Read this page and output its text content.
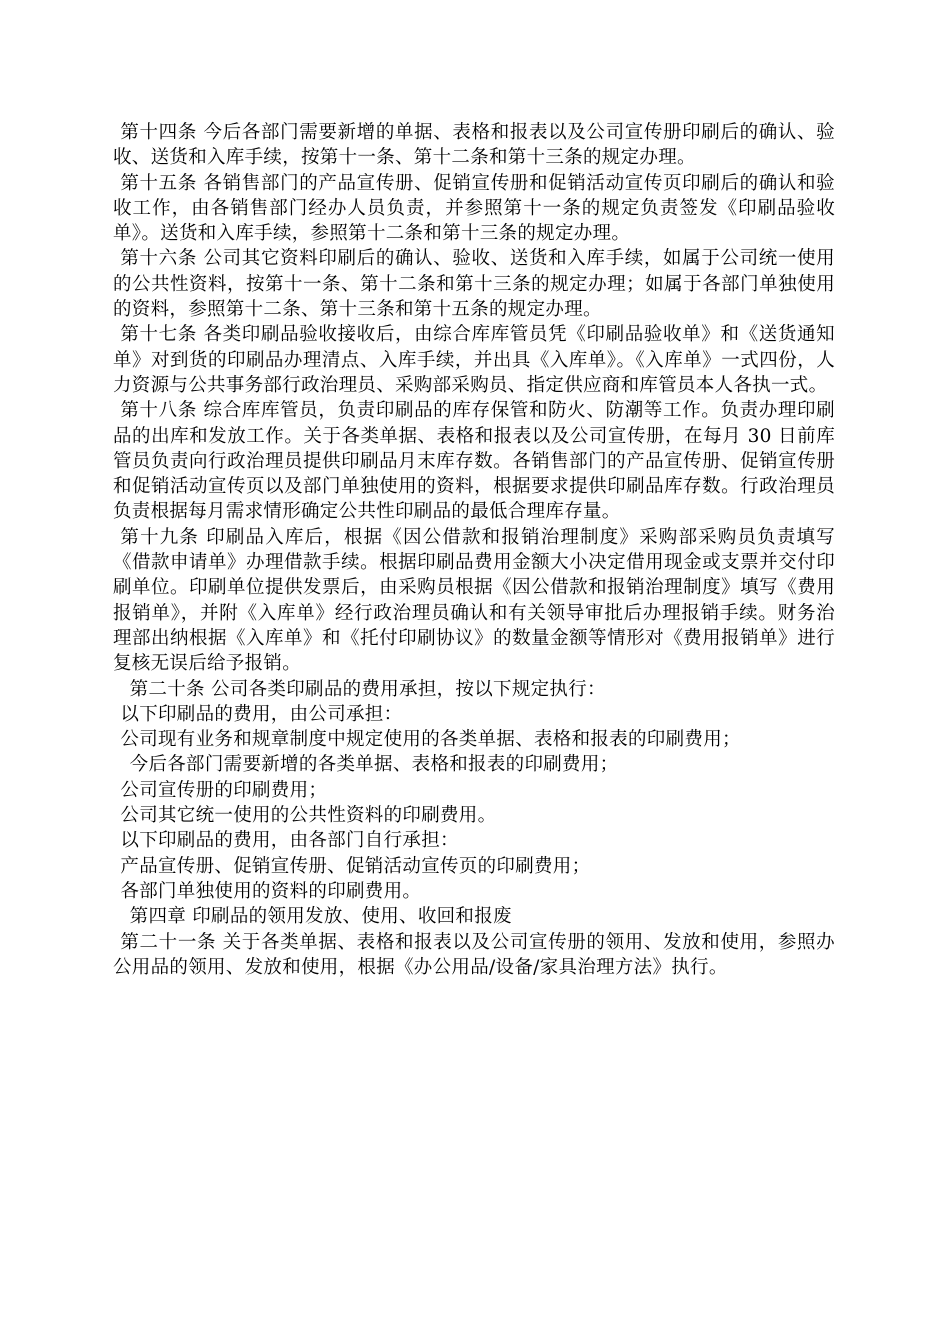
第十四条 今后各部门需要新增的单据、表格和报表以及公司宣传册印刷后的确认、验收、送货和入库手续，按第十一条、第十二条和第十三条的规定办理。

第十五条 各销售部门的产品宣传册、促销宣传册和促销活动宣传页印刷后的确认和验收工作，由各销售部门经办人员负责，并参照第十一条的规定负责签发《印刷品验收单》。送货和入库手续，参照第十二条和第十三条的规定办理。

第十六条 公司其它资料印刷后的确认、验收、送货和入库手续，如属于公司统一使用的公共性资料，按第十一条、第十二条和第十三条的规定办理；如属于各部门单独使用的资料，参照第十二条、第十三条和第十五条的规定办理。

第十七条 各类印刷品验收接收后，由综合库库管员凭《印刷品验收单》和《送货通知单》对到货的印刷品办理清点、入库手续，并出具《入库单》。《入库单》一式四份，人力资源与公共事务部行政治理员、采购部采购员、指定供应商和库管员本人各执一式。

第十八条 综合库库管员，负责印刷品的库存保管和防火、防潮等工作。负责办理印刷品的出库和发放工作。关于各类单据、表格和报表以及公司宣传册，在每月 30 日前库管员负责向行政治理员提供印刷品月末库存数。各销售部门的产品宣传册、促销宣传册和促销活动宣传页以及部门单独使用的资料，根据要求提供印刷品库存数。行政治理员负责根据每月需求情形确定公共性印刷品的最低合理库存量。

第十九条 印刷品入库后，根据《因公借款和报销治理制度》采购部采购员负责填写《借款申请单》办理借款手续。根据印刷品费用金额大小决定借用现金或支票并交付印刷单位。印刷单位提供发票后，由采购员根据《因公借款和报销治理制度》填写《费用报销单》，并附《入库单》经行政治理员确认和有关领导审批后办理报销手续。财务治理部出纳根据《入库单》和《托付印刷协议》的数量金额等情形对《费用报销单》进行复核无误后给予报销。

第二十条 公司各类印刷品的费用承担，按以下规定执行：

以下印刷品的费用，由公司承担：

公司现有业务和规章制度中规定使用的各类单据、表格和报表的印刷费用；

今后各部门需要新增的各类单据、表格和报表的印刷费用；

公司宣传册的印刷费用；

公司其它统一使用的公共性资料的印刷费用。

以下印刷品的费用，由各部门自行承担：

产品宣传册、促销宣传册、促销活动宣传页的印刷费用；

各部门单独使用的资料的印刷费用。

第四章 印刷品的领用发放、使用、收回和报废

第二十一条 关于各类单据、表格和报表以及公司宣传册的领用、发放和使用，参照办公用品的领用、发放和使用，根据《办公用品/设备/家具治理方法》执行。
